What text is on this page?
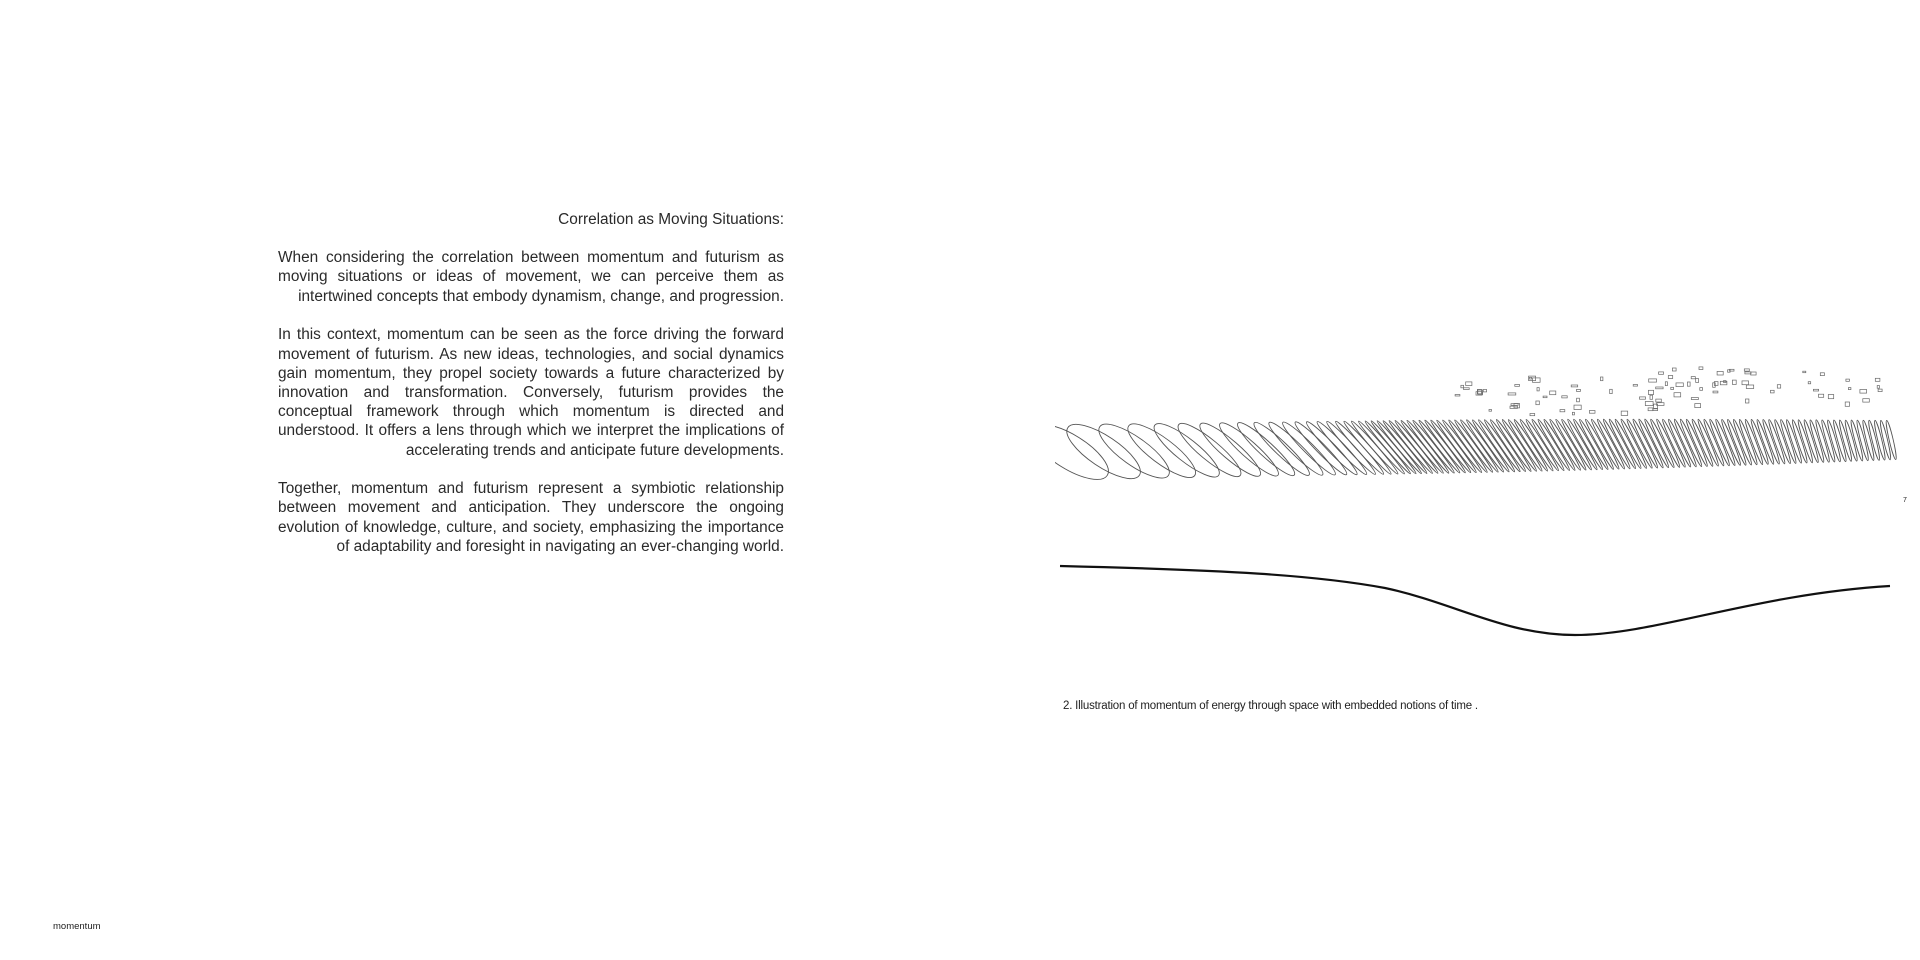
Correlation as Moving Situations:

When considering the correlation between momentum and futurism as moving situations or ideas of movement, we can perceive them as intertwined concepts that embody dynamism, change, and progression.

In this context, momentum can be seen as the force driving the forward movement of futurism. As new ideas, technologies, and social dynamics gain momentum, they propel society towards a future characterized by innovation and transformation. Conversely, futurism provides the conceptual framework through which momentum is directed and understood. It offers a lens through which we interpret the implications of accelerating trends and anticipate future developments.

Together, momentum and futurism represent a symbiotic relationship between movement and anticipation. They underscore the ongoing evolution of knowledge, culture, and society, emphasizing the importance of adaptability and foresight in navigating an ever-changing world.

7
2. Illustration of momentum of energy through space with embedded notions of time .
momentum
